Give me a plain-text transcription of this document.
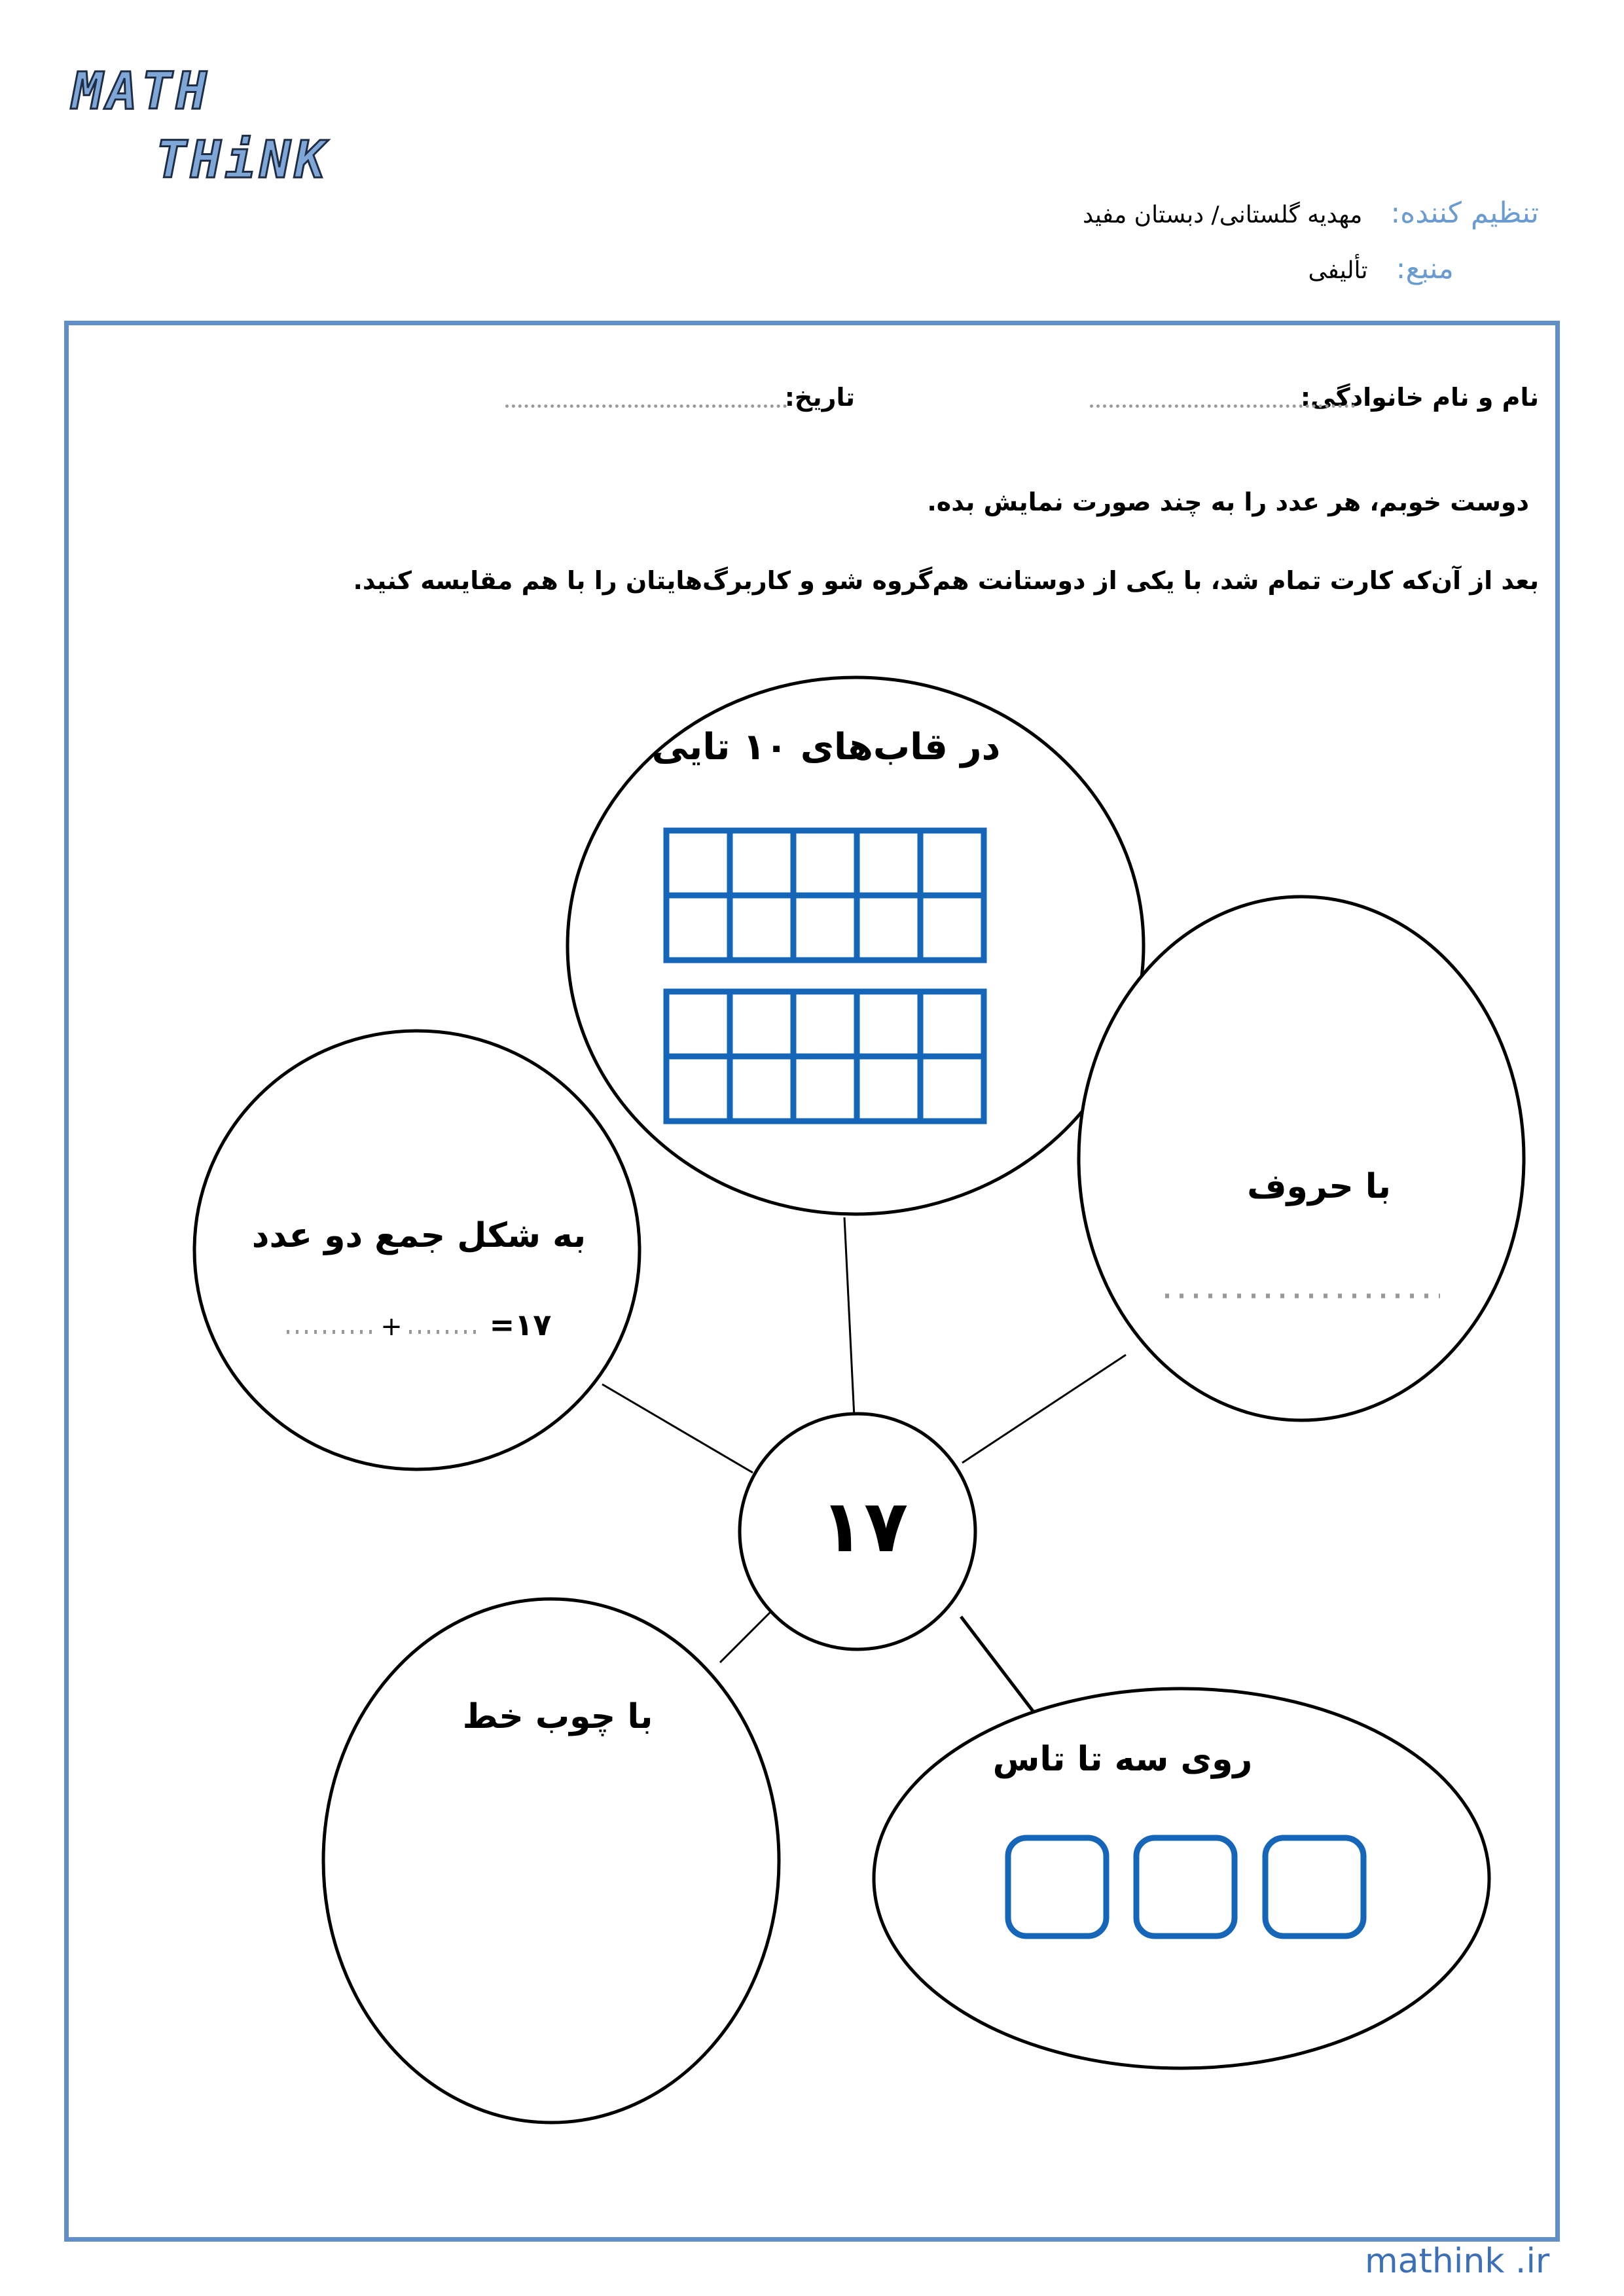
MATH
THiNK
تنظیم کننده: مهدیه گلستانی/ دبستان مفید
منبع: تألیفی
نام و نام خانوادگی:
تاریخ:
دوست خوبم، هر عدد را به چند صورت نمایش بده.
بعد از آن‌که کارت تمام شد، با یکی از دوستانت هم‌گروه شو و کاربرگ‌هایتان را با هم مقایسه کنید.
در قاب‌های ۱۰ تایی
با حروف
به شکل جمع دو عدد
=۱۷
+
۱۷
با چوب خط
روی سه تا تاس
mathink .ir
